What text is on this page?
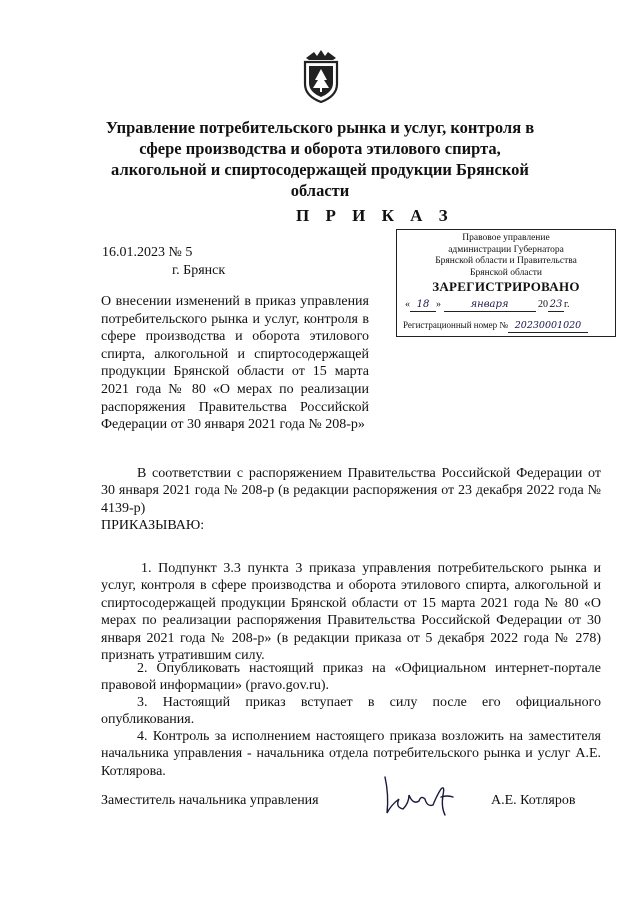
Управление потребительского рынка и услуг, контроля в сфере производства и оборота этилового спирта, алкогольной и спиртосодержащей продукции Брянской области
П Р И К А З
Правовое управление
администрации Губернатора
Брянской области и Правительства
Брянской области
ЗАРЕГИСТРИРОВАНО
« 18 »	января	20 23 г.
Регистрационный номер № 20230001020
16.01.2023 № 5
г. Брянск
О внесении изменений в приказ управления потребительского рынка и услуг, контроля в сфере производства и оборота этилового спирта, алкогольной и спиртосодержащей продукции Брянской области от 15 марта 2021 года № 80 «О мерах по реализации распоряжения Правительства Российской Федерации от 30 января 2021 года № 208-р»
В соответствии с распоряжением Правительства Российской Федерации от 30 января 2021 года № 208-р (в редакции распоряжения от 23 декабря 2022 года № 4139-р)
ПРИКАЗЫВАЮ:
1. Подпункт 3.3 пункта 3 приказа управления потребительского рынка и услуг, контроля в сфере производства и оборота этилового спирта, алкогольной и спиртосодержащей продукции Брянской области от 15 марта 2021 года № 80 «О мерах по реализации распоряжения Правительства Российской Федерации от 30 января 2021 года № 208-р» (в редакции приказа от 5 декабря 2022 года № 278) признать утратившим силу.
2. Опубликовать настоящий приказ на «Официальном интернет-портале правовой информации» (pravo.gov.ru).
3. Настоящий приказ вступает в силу после его официального опубликования.
4. Контроль за исполнением настоящего приказа возложить на заместителя начальника управления - начальника отдела потребительского рынка и услуг А.Е. Котлярова.
Заместитель начальника управления	А.Е. Котляров
